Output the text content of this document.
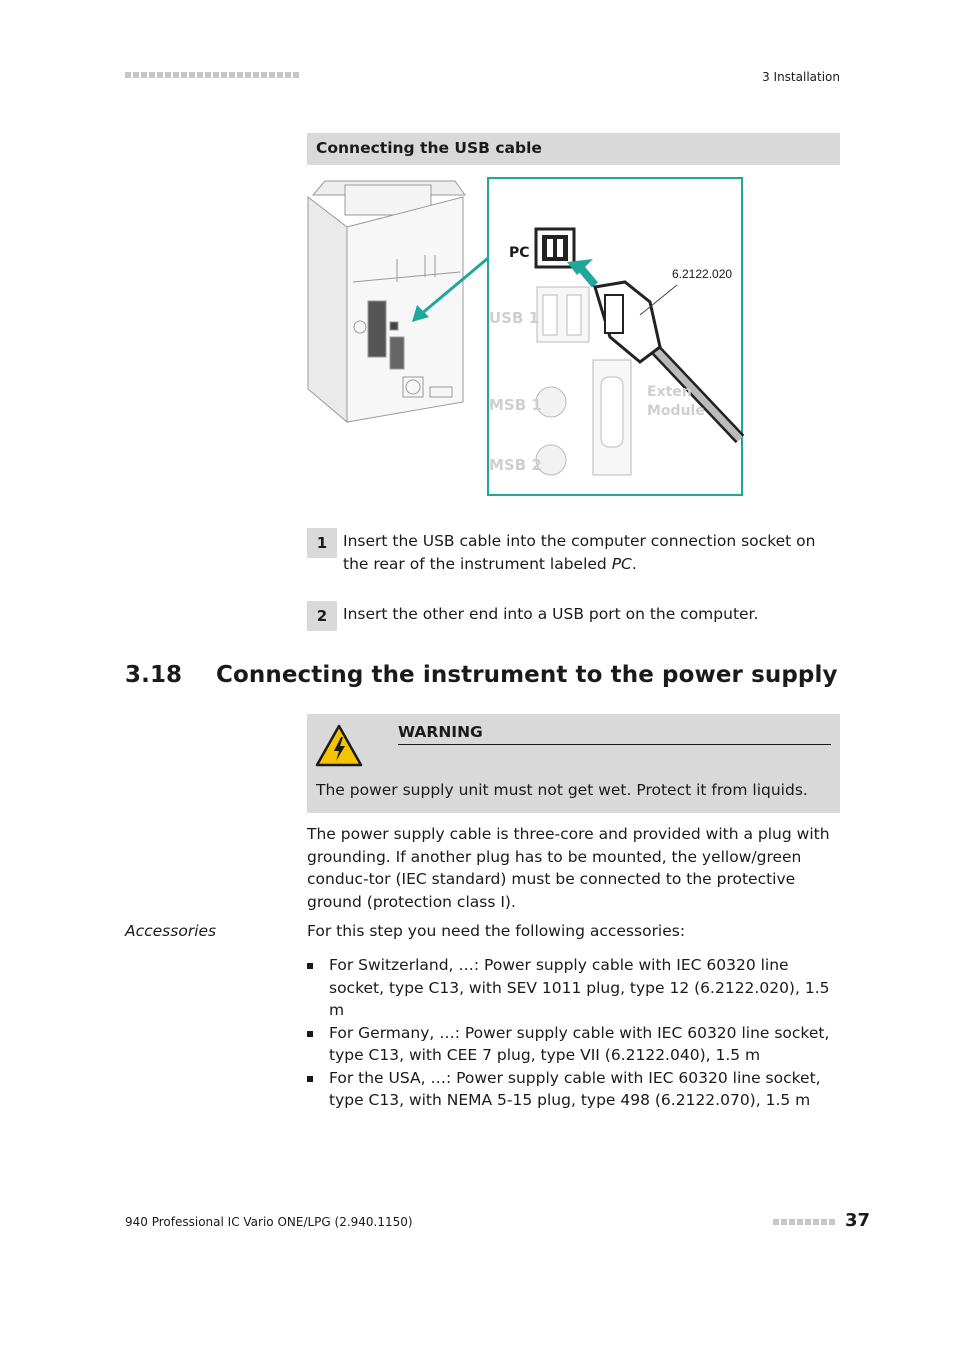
3 Installation
Connecting the USB cable
PC
6.2122.020
USB 1
MSB 1
MSB 2
Exten
Module
1	Insert the USB cable into the computer connection socket on the rear of the instrument labeled PC.
2	Insert the other end into a USB port on the computer.
3.18 Connecting the instrument to the power supply
WARNING
The power supply unit must not get wet. Protect it from liquids.
The power supply cable is three-core and provided with a plug with grounding. If another plug has to be mounted, the yellow/green conduc-tor (IEC standard) must be connected to the protective ground (protection class I).
Accessories	For this step you need the following accessories:
For Switzerland, …: Power supply cable with IEC 60320 line socket, type C13, with SEV 1011 plug, type 12 (6.2122.020), 1.5 m
For Germany, …: Power supply cable with IEC 60320 line socket, type C13, with CEE 7 plug, type VII (6.2122.040), 1.5 m
For the USA, …: Power supply cable with IEC 60320 line socket, type C13, with NEMA 5-15 plug, type 498 (6.2122.070), 1.5 m
940 Professional IC Vario ONE/LPG (2.940.1150)	37
